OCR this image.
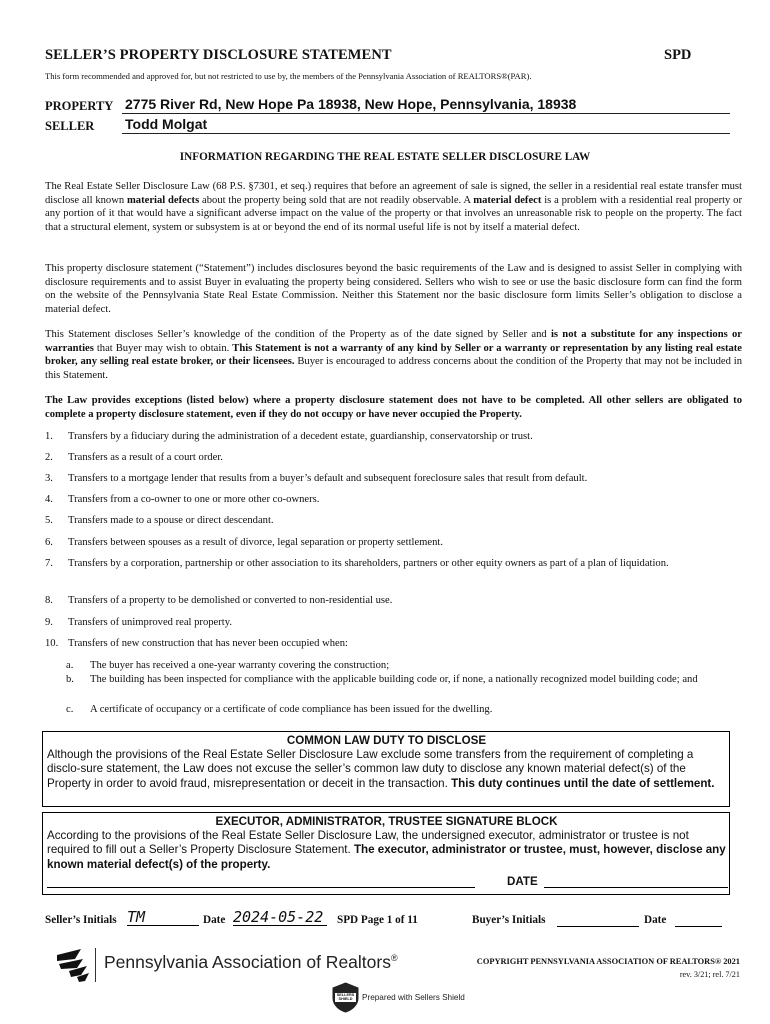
SELLER’S PROPERTY DISCLOSURE STATEMENT	SPD
This form recommended and approved for, but not restricted to use by, the members of the Pennsylvania Association of REALTORS®(PAR).
PROPERTY 2775 River Rd, New Hope Pa 18938, New Hope, Pennsylvania, 18938
SELLER Todd Molgat
INFORMATION REGARDING THE REAL ESTATE SELLER DISCLOSURE LAW
The Real Estate Seller Disclosure Law (68 P.S. §7301, et seq.) requires that before an agreement of sale is signed, the seller in a residential real estate transfer must disclose all known material defects about the property being sold that are not readily observable. A material defect is a problem with a residential real property or any portion of it that would have a significant adverse impact on the value of the property or that involves an unreasonable risk to people on the property. The fact that a structural element, system or subsystem is at or beyond the end of its normal useful life is not by itself a material defect.
This property disclosure statement (“Statement”) includes disclosures beyond the basic requirements of the Law and is designed to assist Seller in complying with disclosure requirements and to assist Buyer in evaluating the property being considered. Sellers who wish to see or use the basic disclosure form can find the form on the website of the Pennsylvania State Real Estate Commission. Neither this Statement nor the basic disclosure form limits Seller’s obligation to disclose a material defect.
This Statement discloses Seller’s knowledge of the condition of the Property as of the date signed by Seller and is not a substitute for any inspections or warranties that Buyer may wish to obtain. This Statement is not a warranty of any kind by Seller or a warranty or representation by any listing real estate broker, any selling real estate broker, or their licensees. Buyer is encouraged to address concerns about the condition of the Property that may not be included in this Statement.
The Law provides exceptions (listed below) where a property disclosure statement does not have to be completed. All other sellers are obligated to complete a property disclosure statement, even if they do not occupy or have never occupied the Property.
1. Transfers by a fiduciary during the administration of a decedent estate, guardianship, conservatorship or trust.
2. Transfers as a result of a court order.
3. Transfers to a mortgage lender that results from a buyer’s default and subsequent foreclosure sales that result from default.
4. Transfers from a co-owner to one or more other co-owners.
5. Transfers made to a spouse or direct descendant.
6. Transfers between spouses as a result of divorce, legal separation or property settlement.
7. Transfers by a corporation, partnership or other association to its shareholders, partners or other equity owners as part of a plan of liquidation.
8. Transfers of a property to be demolished or converted to non-residential use.
9. Transfers of unimproved real property.
10. Transfers of new construction that has never been occupied when:
a. The buyer has received a one-year warranty covering the construction;
b. The building has been inspected for compliance with the applicable building code or, if none, a nationally recognized model building code; and
c. A certificate of occupancy or a certificate of code compliance has been issued for the dwelling.
COMMON LAW DUTY TO DISCLOSE
Although the provisions of the Real Estate Seller Disclosure Law exclude some transfers from the requirement of completing a disclo-sure statement, the Law does not excuse the seller’s common law duty to disclose any known material defect(s) of the Property in order to avoid fraud, misrepresentation or deceit in the transaction. This duty continues until the date of settlement.
EXECUTOR, ADMINISTRATOR, TRUSTEE SIGNATURE BLOCK
According to the provisions of the Real Estate Seller Disclosure Law, the undersigned executor, administrator or trustee is not required to fill out a Seller’s Property Disclosure Statement. The executor, administrator or trustee, must, however, disclose any known material defect(s) of the property.
DATE
Seller’s Initials TM	Date 2024-05-22	SPD Page 1 of 11	Buyer’s Initials	Date
Pennsylvania Association of Realtors®	COPYRIGHT PENNSYLVANIA ASSOCIATION OF REALTORS® 2021
rev. 3/21; rel. 7/21
SELLERS
SHIELD	Prepared with Sellers Shield
